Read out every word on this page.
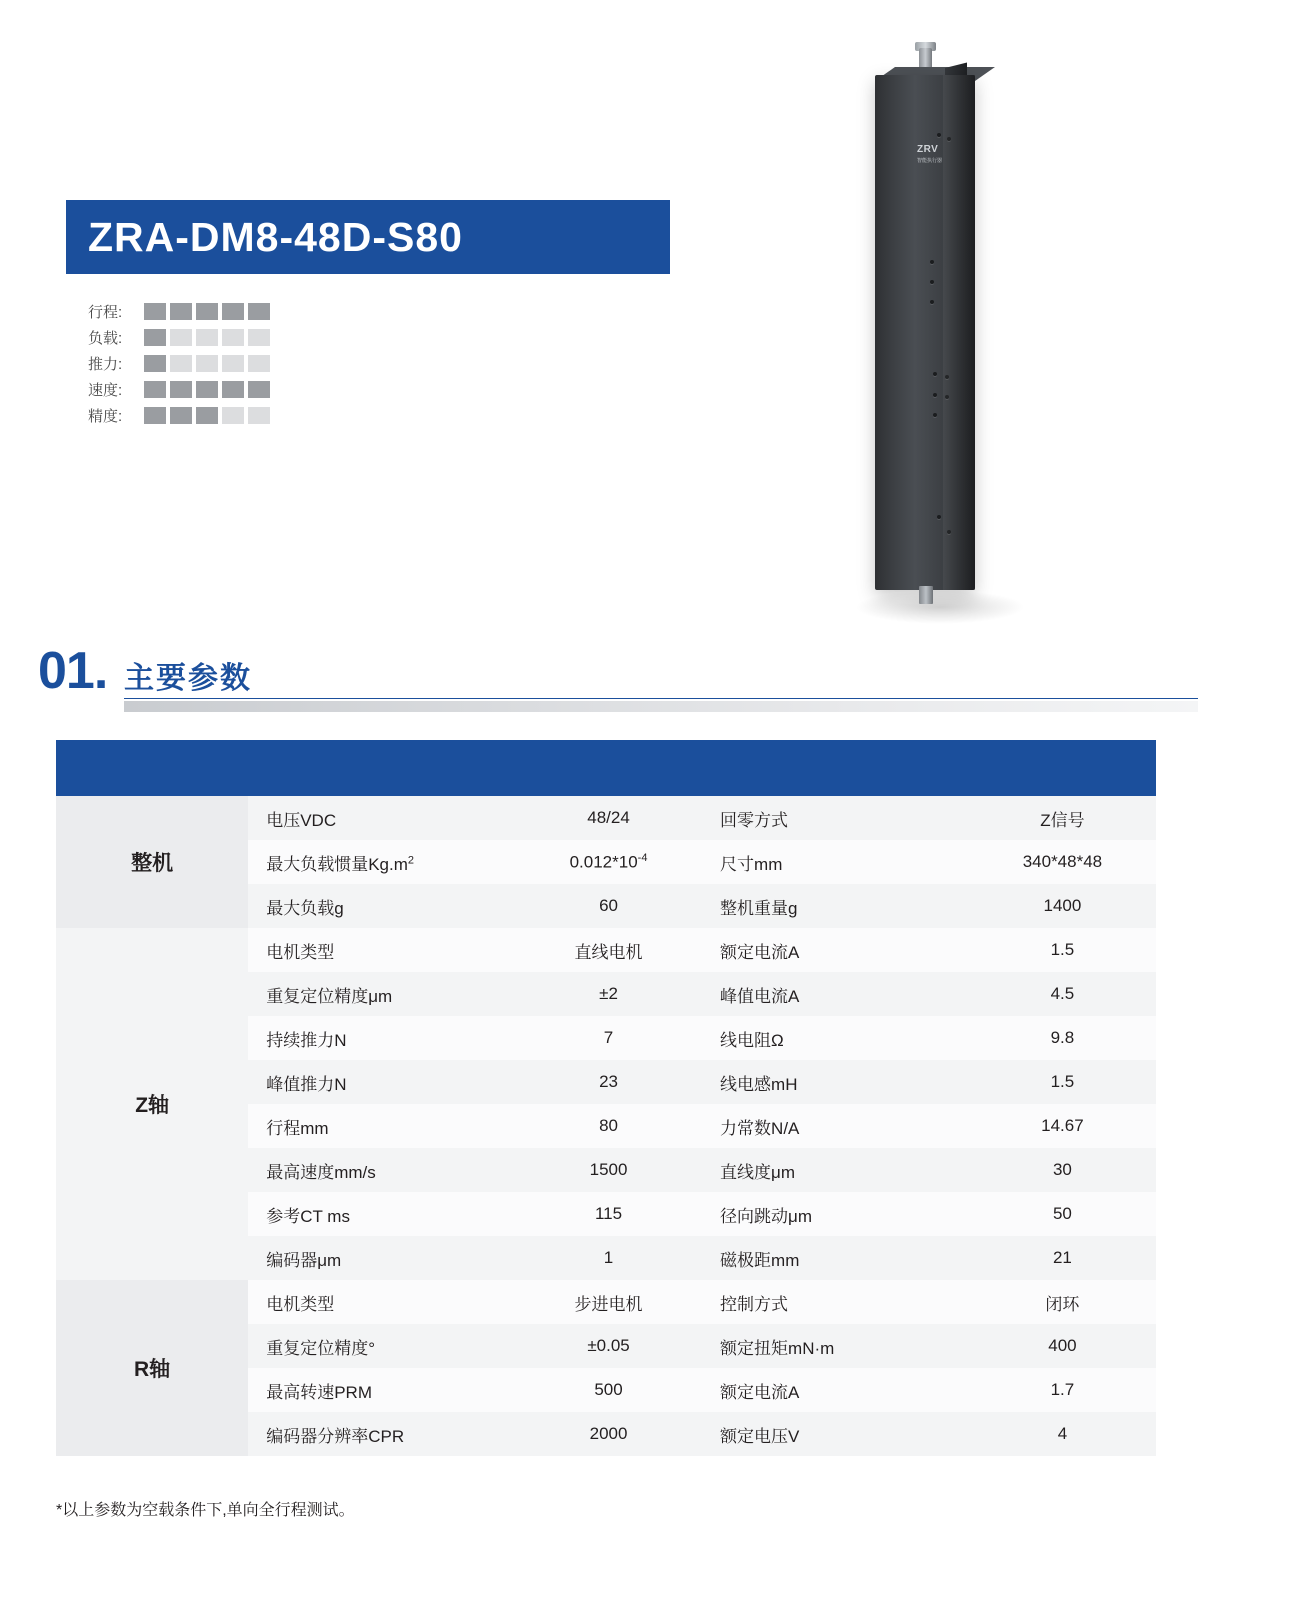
ZRA-DM8-48D-S80
行程:
负载:
推力:
速度:
精度:
ZRV
智能执行器
01. 主要参数

整机	电压VDC	48/24	回零方式	Z信号
	最大负载惯量$Kg.m^2$	$0.012*10^{-4}$	尺寸mm	340*48*48
	最大负载g	60	整机重量g	1400
Z轴	电机类型	直线电机	额定电流A	1.5
	重复定位精度μm	±2	峰值电流A	4.5
	持续推力N	7	线电阻Ω	9.8
	峰值推力N	23	线电感mH	1.5
	行程mm	80	力常数N/A	14.67
	最高速度mm/s	1500	直线度μm	30
	参考CT ms	115	径向跳动μm	50
	编码器μm	1	磁极距mm	21
R轴	电机类型	步进电机	控制方式	闭环
	重复定位精度°	±0.05	额定扭矩mN·m	400
	最高转速PRM	500	额定电流A	1.7
	编码器分辨率CPR	2000	额定电压V	4
*以上参数为空载条件下,单向全行程测试。
